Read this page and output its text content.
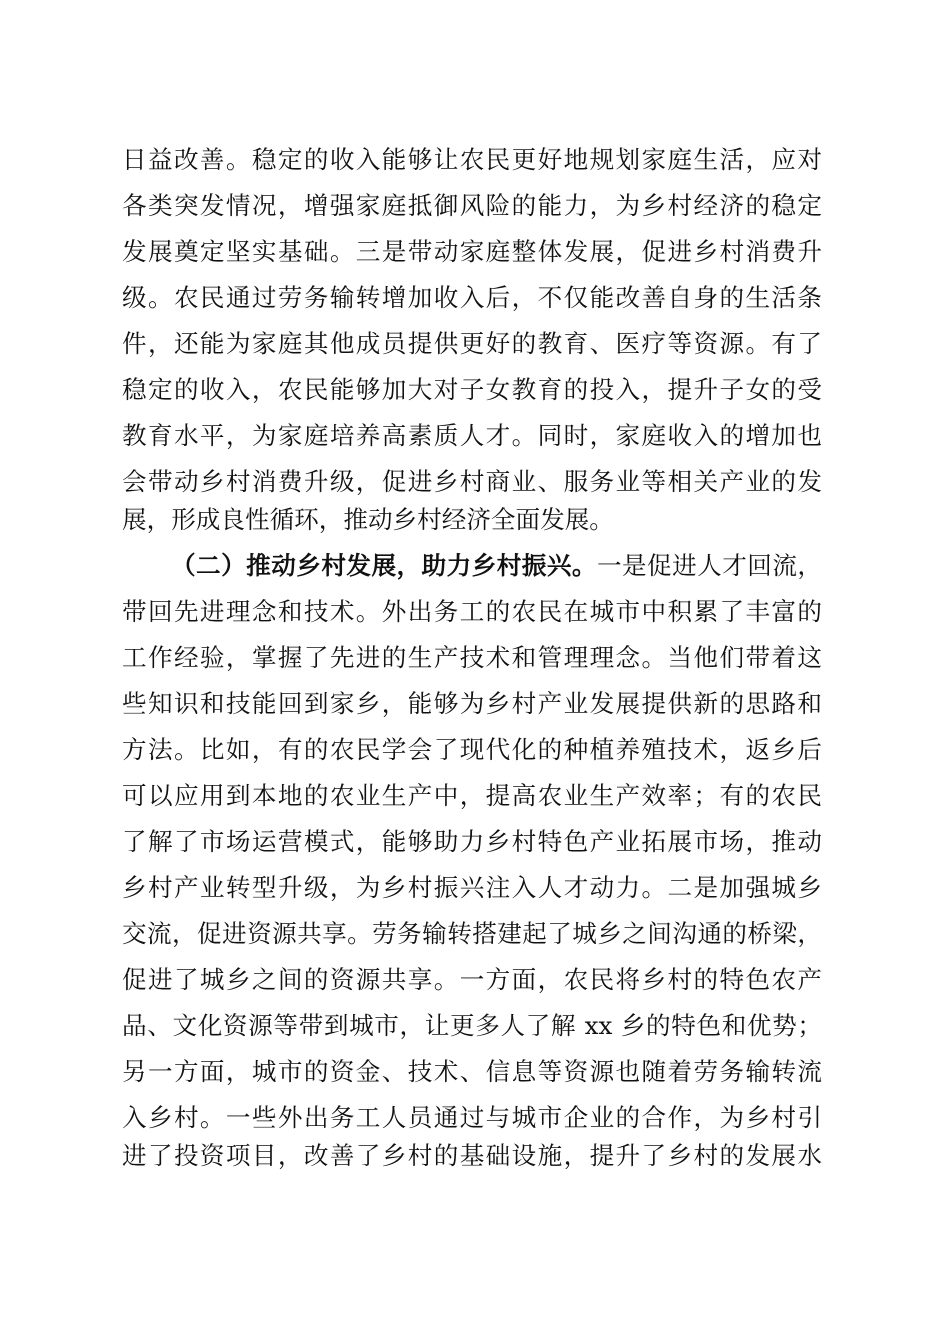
日益改善。稳定的收入能够让农民更好地规划家庭生活，应对
各类突发情况，增强家庭抵御风险的能力，为乡村经济的稳定
发展奠定坚实基础。三是带动家庭整体发展，促进乡村消费升
级。农民通过劳务输转增加收入后，不仅能改善自身的生活条
件，还能为家庭其他成员提供更好的教育、医疗等资源。有了
稳定的收入，农民能够加大对子女教育的投入，提升子女的受
教育水平，为家庭培养高素质人才。同时，家庭收入的增加也
会带动乡村消费升级，促进乡村商业、服务业等相关产业的发
展，形成良性循环，推动乡村经济全面发展。
（二）推动乡村发展，助力乡村振兴。一是促进人才回流，
带回先进理念和技术。外出务工的农民在城市中积累了丰富的
工作经验，掌握了先进的生产技术和管理理念。当他们带着这
些知识和技能回到家乡，能够为乡村产业发展提供新的思路和
方法。比如，有的农民学会了现代化的种植养殖技术，返乡后
可以应用到本地的农业生产中，提高农业生产效率；有的农民
了解了市场运营模式，能够助力乡村特色产业拓展市场，推动
乡村产业转型升级，为乡村振兴注入人才动力。二是加强城乡
交流，促进资源共享。劳务输转搭建起了城乡之间沟通的桥梁，
促进了城乡之间的资源共享。一方面，农民将乡村的特色农产
品、文化资源等带到城市，让更多人了解 xx 乡的特色和优势；
另一方面，城市的资金、技术、信息等资源也随着劳务输转流
入乡村。一些外出务工人员通过与城市企业的合作，为乡村引
进了投资项目，改善了乡村的基础设施，提升了乡村的发展水
